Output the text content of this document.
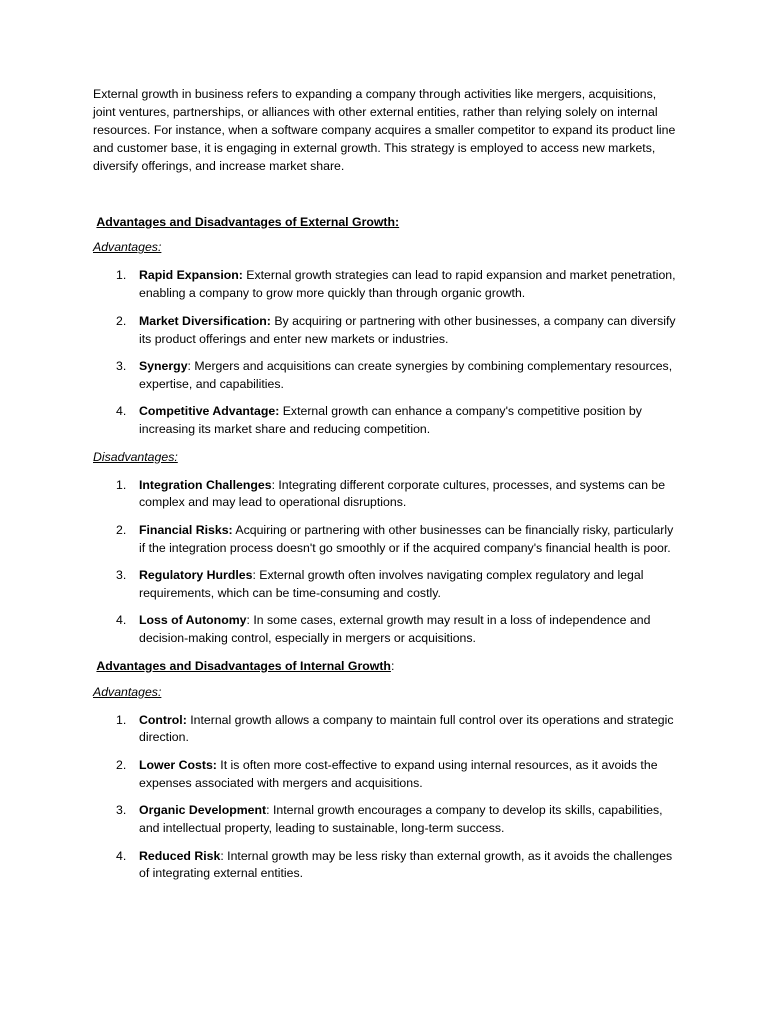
External growth in business refers to expanding a company through activities like mergers, acquisitions, joint ventures, partnerships, or alliances with other external entities, rather than relying solely on internal resources. For instance, when a software company acquires a smaller competitor to expand its product line and customer base, it is engaging in external growth. This strategy is employed to access new markets, diversify offerings, and increase market share.

Advantages and Disadvantages of External Growth:
Advantages:
1. Rapid Expansion: External growth strategies can lead to rapid expansion and market penetration, enabling a company to grow more quickly than through organic growth.
2. Market Diversification: By acquiring or partnering with other businesses, a company can diversify its product offerings and enter new markets or industries.
3. Synergy: Mergers and acquisitions can create synergies by combining complementary resources, expertise, and capabilities.
4. Competitive Advantage: External growth can enhance a company's competitive position by increasing its market share and reducing competition.
Disadvantages:
1. Integration Challenges: Integrating different corporate cultures, processes, and systems can be complex and may lead to operational disruptions.
2. Financial Risks: Acquiring or partnering with other businesses can be financially risky, particularly if the integration process doesn't go smoothly or if the acquired company's financial health is poor.
3. Regulatory Hurdles: External growth often involves navigating complex regulatory and legal requirements, which can be time-consuming and costly.
4. Loss of Autonomy: In some cases, external growth may result in a loss of independence and decision-making control, especially in mergers or acquisitions.
Advantages and Disadvantages of Internal Growth:
Advantages:
1. Control: Internal growth allows a company to maintain full control over its operations and strategic direction.
2. Lower Costs: It is often more cost-effective to expand using internal resources, as it avoids the expenses associated with mergers and acquisitions.
3. Organic Development: Internal growth encourages a company to develop its skills, capabilities, and intellectual property, leading to sustainable, long-term success.
4. Reduced Risk: Internal growth may be less risky than external growth, as it avoids the challenges of integrating external entities.
